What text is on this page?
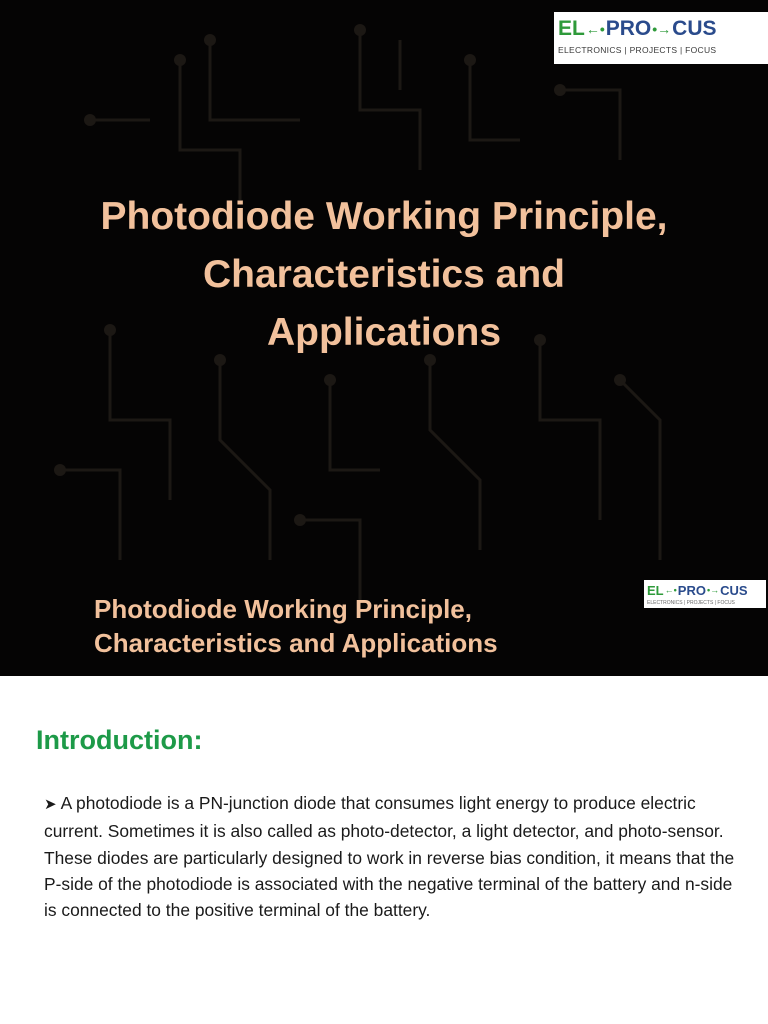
EL ←• PRO •→ CUS
ELECTRONICS | PROJECTS | FOCUS
Photodiode Working Principle,
Characteristics and
Applications
EL ←• PRO •→ CUS
ELECTRONICS | PROJECTS | FOCUS
Photodiode Working Principle,
Characteristics and Applications
Introduction:
➤ A photodiode is a PN-junction diode that consumes light energy to produce electric current. Sometimes it is also called as photo-detector, a light detector, and photo-sensor. These diodes are particularly designed to work in reverse bias condition, it means that the P-side of the photodiode is associated with the negative terminal of the battery and n-side is connected to the positive terminal of the battery.
